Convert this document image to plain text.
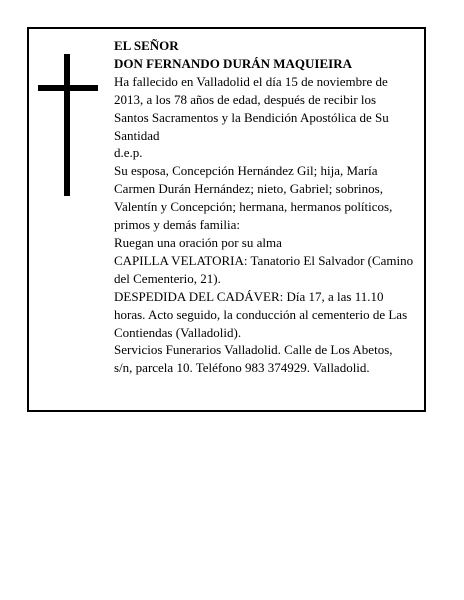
EL SEÑOR

DON FERNANDO DURÁN MAQUIEIRA

Ha fallecido en Valladolid el día 15 de noviembre de 2013, a los 78 años de edad, después de recibir los Santos Sacramentos y la Bendición Apostólica de Su Santidad

d.e.p.

Su esposa, Concepción Hernández Gil; hija, María Carmen Durán Hernández; nieto, Gabriel; sobrinos, Valentín y Concepción; hermana, hermanos políticos, primos y demás familia:

Ruegan una oración por su alma

CAPILLA VELATORIA: Tanatorio El Salvador (Camino del Cementerio, 21).

DESPEDIDA DEL CADÁVER: Día 17, a las 11.10 horas. Acto seguido, la conducción al cementerio de Las Contiendas (Valladolid).

Servicios Funerarios Valladolid. Calle de Los Abetos, s/n, parcela 10. Teléfono 983 374929. Valladolid.
